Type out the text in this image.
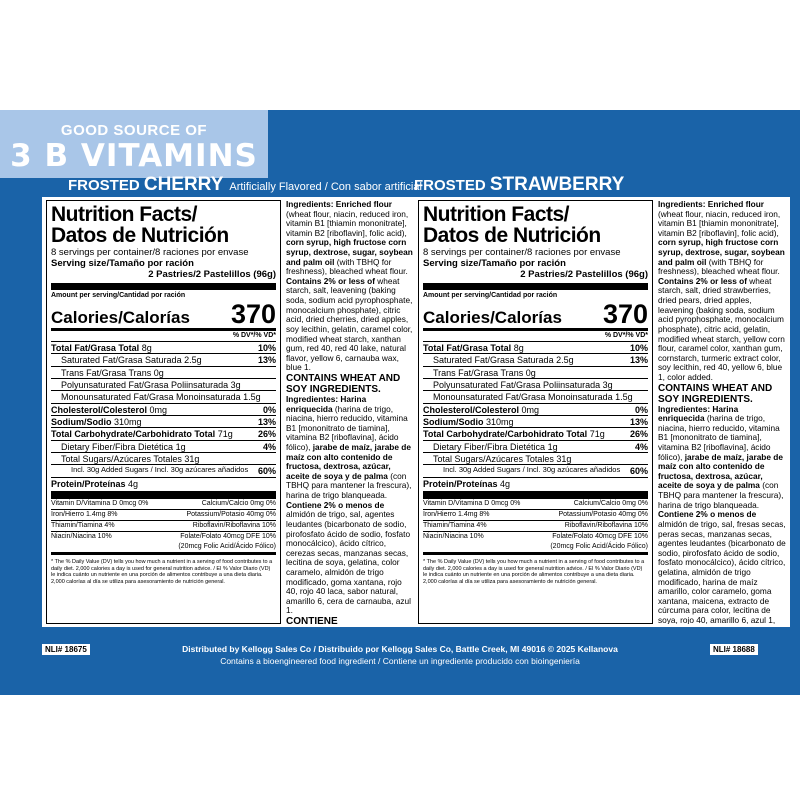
GOOD SOURCE OF
3 B VITAMINS
FROSTED CHERRY Artificially Flavored / Con sabor artificial
FROSTED STRAWBERRY
Nutrition Facts/
Datos de Nutrición
8 servings per container/8 raciones por envase
Serving size/Tamaño por ración
2 Pastries/2 Pastelillos (96g)
Amount per serving/Cantidad por ración
Calories/Calorías 370
% DV*/% VD*
Total Fat/Grasa Total 8g	10%
Saturated Fat/Grasa Saturada 2.5g	13%
Trans Fat/Grasa Trans 0g
Polyunsaturated Fat/Grasa Poliinsaturada 3g
Monounsaturated Fat/Grasa Monoinsaturada 1.5g
Cholesterol/Colesterol 0mg	0%
Sodium/Sodio 310mg	13%
Total Carbohydrate/Carbohidrato Total 71g	26%
Dietary Fiber/Fibra Dietética 1g	4%
Total Sugars/Azúcares Totales 31g
Incl. 30g Added Sugars / Incl. 30g azúcares añadidos 60%
Protein/Proteínas 4g
Vitamin D/Vitamina D 0mcg 0%	Calcium/Calcio 0mg 0%
Iron/Hierro 1.4mg 8%	Potassium/Potasio 40mg 0%
Thiamin/Tiamina 4%	Riboflavin/Riboflavina 10%
Niacin/Niacina 10%	Folate/Folato 40mcg DFE 10%
(20mcg Folic Acid/Ácido Fólico)
* The % Daily Value (DV) tells you how much a nutrient in a serving of food contributes to a daily diet. 2,000 calories a day is used for general nutrition advice. / El % Valor Diario (VD) le indica cuánto un nutriente en una porción de alimentos contribuye a una dieta diaria. 2,000 calorías al día se utiliza para asesoramiento de nutrición general.
Ingredients: Enriched flour (wheat flour, niacin, reduced iron, vitamin B1 [thiamin mononitrate], vitamin B2 [riboflavin], folic acid), corn syrup, high fructose corn syrup, dextrose, sugar, soybean and palm oil (with TBHQ for freshness), bleached wheat flour.
Contains 2% or less of wheat starch, salt, leavening (baking soda, sodium acid pyrophosphate, monocalcium phosphate), citric acid, dried cherries, dried apples, soy lecithin, gelatin, caramel color, modified wheat starch, xanthan gum, red 40, red 40 lake, natural flavor, yellow 6, carnauba wax, blue 1.
CONTAINS WHEAT AND SOY INGREDIENTS.
Ingredientes: Harina enriquecida (harina de trigo, niacina, hierro reducido, vitamina B1 [mononitrato de tiamina], vitamina B2 [riboflavina], ácido fólico), jarabe de maíz, jarabe de maíz con alto contenido de fructosa, dextrosa, azúcar, aceite de soya y de palma (con TBHQ para mantener la frescura), harina de trigo blanqueada.
Contiene 2% o menos de almidón de trigo, sal, agentes leudantes (bicarbonato de sodio, pirofosfato ácido de sodio, fosfato monocálcico), ácido cítrico, cerezas secas, manzanas secas, lecitina de soya, gelatina, color caramelo, almidón de trigo modificado, goma xantana, rojo 40, rojo 40 laca, sabor natural, amarillo 6, cera de carnauba, azul 1.
CONTIENE
Nutrition Facts/
Datos de Nutrición
8 servings per container/8 raciones por envase
Serving size/Tamaño por ración
2 Pastries/2 Pastelillos (96g)
Amount per serving/Cantidad por ración
Calories/Calorías 370
% DV*/% VD*
Total Fat/Grasa Total 8g	10%
Saturated Fat/Grasa Saturada 2.5g	13%
Trans Fat/Grasa Trans 0g
Polyunsaturated Fat/Grasa Poliinsaturada 3g
Monounsaturated Fat/Grasa Monoinsaturada 1.5g
Cholesterol/Colesterol 0mg	0%
Sodium/Sodio 310mg	13%
Total Carbohydrate/Carbohidrato Total 71g	26%
Dietary Fiber/Fibra Dietética 1g	4%
Total Sugars/Azúcares Totales 31g
Incl. 30g Added Sugars / Incl. 30g azúcares añadidos 60%
Protein/Proteínas 4g
Vitamin D/Vitamina D 0mcg 0%	Calcium/Calcio 0mg 0%
Iron/Hierro 1.4mg 8%	Potassium/Potasio 40mg 0%
Thiamin/Tiamina 4%	Riboflavin/Riboflavina 10%
Niacin/Niacina 10%	Folate/Folato 40mcg DFE 10%
(20mcg Folic Acid/Ácido Fólico)
* The % Daily Value (DV) tells you how much a nutrient in a serving of food contributes to a daily diet. 2,000 calories a day is used for general nutrition advice. / El % Valor Diario (VD) le indica cuánto un nutriente en una porción de alimentos contribuye a una dieta diaria. 2,000 calorías al día se utiliza para asesoramiento de nutrición general.
Ingredients: Enriched flour (wheat flour, niacin, reduced iron, vitamin B1 [thiamin mononitrate], vitamin B2 [riboflavin], folic acid), corn syrup, high fructose corn syrup, dextrose, sugar, soybean and palm oil (with TBHQ for freshness), bleached wheat flour.
Contains 2% or less of wheat starch, salt, dried strawberries, dried pears, dried apples, leavening (baking soda, sodium acid pyrophosphate, monocalcium phosphate), citric acid, gelatin, modified wheat starch, yellow corn flour, caramel color, xanthan gum, cornstarch, turmeric extract color, soy lecithin, red 40, yellow 6, blue 1, color added.
CONTAINS WHEAT AND SOY INGREDIENTS.
Ingredientes: Harina enriquecida (harina de trigo, niacina, hierro reducido, vitamina B1 [mononitrato de tiamina], vitamina B2 [riboflavina], ácido fólico), jarabe de maíz, jarabe de maíz con alto contenido de fructosa, dextrosa, azúcar, aceite de soya y de palma (con TBHQ para mantener la frescura), harina de trigo blanqueada.
Contiene 2% o menos de almidón de trigo, sal, fresas secas, peras secas, manzanas secas, agentes leudantes (bicarbonato de sodio, pirofosfato ácido de sodio, fosfato monocálcico), ácido cítrico, gelatina, almidón de trigo modificado, harina de maíz amarillo, color caramelo, goma xantana, maicena, extracto de cúrcuma para color, lecitina de soya, rojo 40, amarillo 6, azul 1,
NLI# 18675	NLI# 18688
Distributed by Kellogg Sales Co / Distribuido por Kellogg Sales Co, Battle Creek, MI 49016 © 2025 Kellanova
Contains a bioengineered food ingredient / Contiene un ingrediente producido con bioingeniería
